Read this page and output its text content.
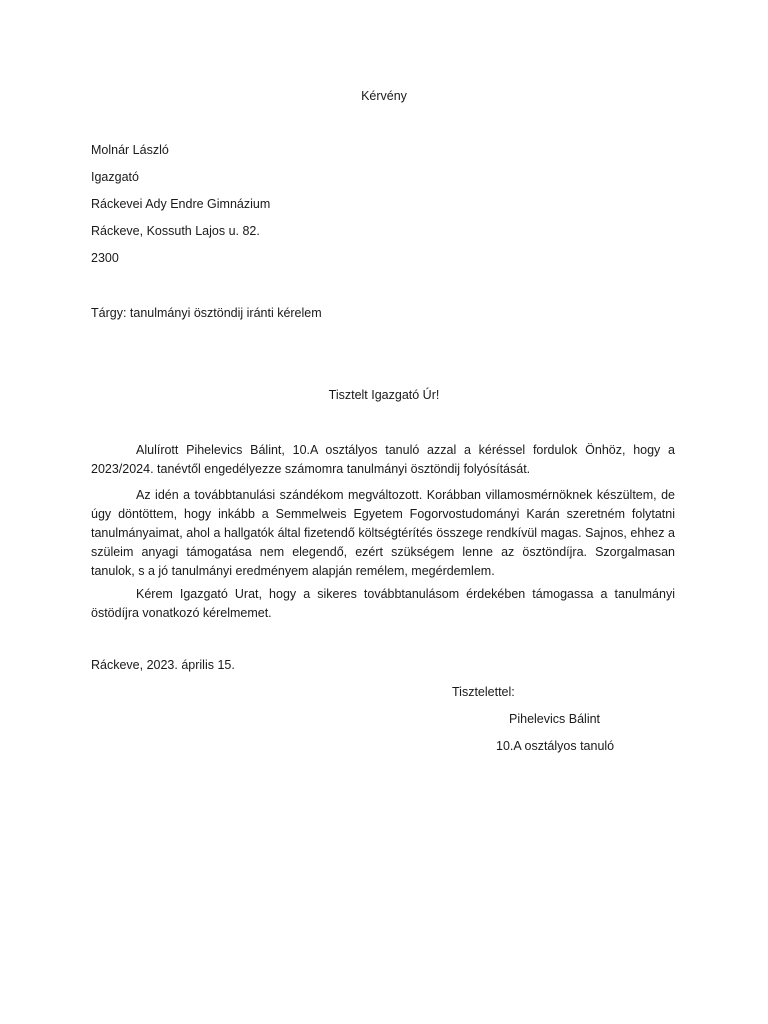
Kérvény
Molnár László
Igazgató
Ráckevei Ady Endre Gimnázium
Ráckeve, Kossuth Lajos u. 82.
2300
Tárgy: tanulmányi ösztöndij iránti kérelem
Tisztelt Igazgató Úr!

Alulírott Pihelevics Bálint, 10.A osztályos tanuló azzal a kéréssel fordulok Önhöz, hogy a 2023/2024. tanévtől engedélyezze számomra tanulmányi ösztöndij folyósítását.

Az idén a továbbtanulási szándékom megváltozott. Korábban villamosmérnöknek készültem, de úgy döntöttem, hogy inkább a Semmelweis Egyetem Fogorvostudományi Karán szeretném folytatni tanulmányaimat, ahol a hallgatók által fizetendő költségtérítés összege rendkívül magas. Sajnos, ehhez a szüleim anyagi támogatása nem elegendő, ezért szükségem lenne az ösztöndíjra. Szorgalmasan tanulok, s a jó tanulmányi eredményem alapján remélem, megérdemlem.

Kérem Igazgató Urat, hogy a sikeres továbbtanulásom érdekében támogassa a tanulmányi östödíjra vonatkozó kérelmemet.

Ráckeve, 2023. április 15.
Tisztelettel:
Pihelevics Bálint
10.A osztályos tanuló
